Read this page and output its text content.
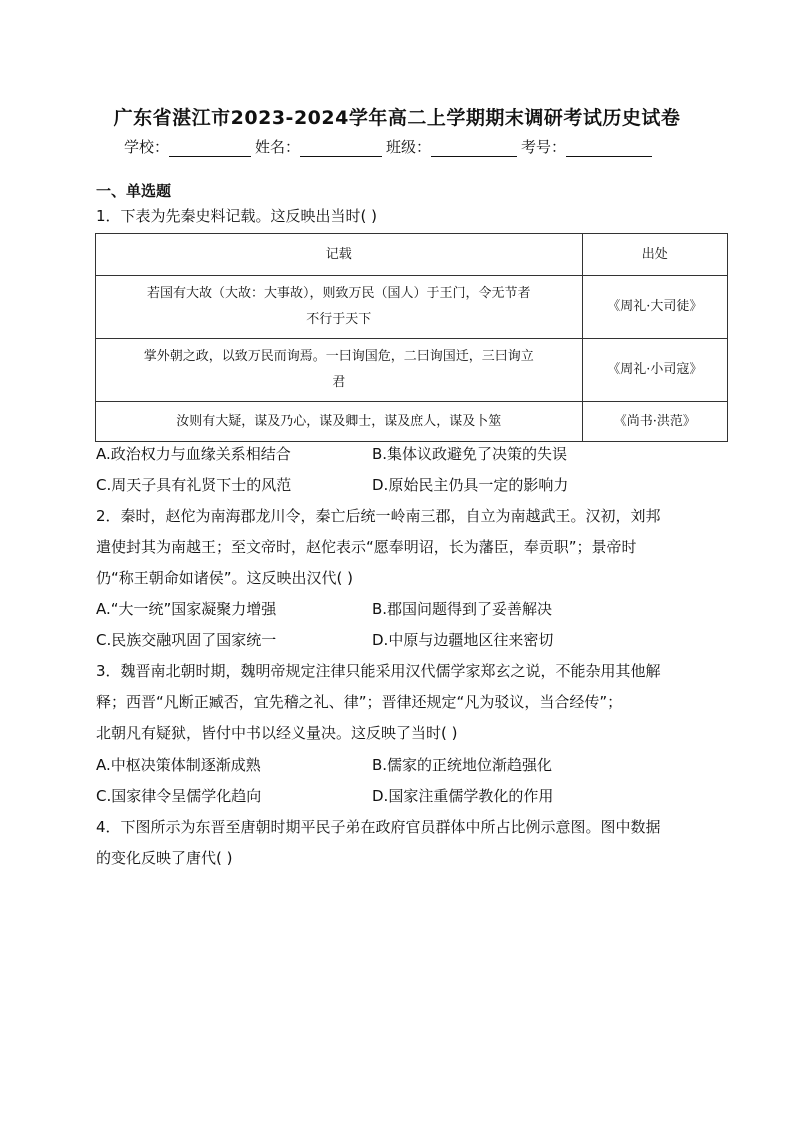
广东省湛江市2023-2024学年高二上学期期末调研考试历史试卷
学校：	姓名：	班级：	考号：
一、单选题
1．下表为先秦史料记载。这反映出当时( )
记载	出处

若国有大故（大故：大事故），则致万民（国人）于王门，令无节者
不行于天下	《周礼·大司徒》

掌外朝之政，以致万民而询焉。一曰询国危，二曰询国迁，三曰询立
君	《周礼·小司寇》

汝则有大疑，谋及乃心，谋及卿士，谋及庶人，谋及卜筮	《尚书·洪范》
A.政治权力与血缘关系相结合	B.集体议政避免了决策的失误
C.周天子具有礼贤下士的风范	D.原始民主仍具一定的影响力
2．秦时，赵佗为南海郡龙川令，秦亡后统一岭南三郡，自立为南越武王。汉初，刘邦
遣使封其为南越王；至文帝时，赵佗表示“愿奉明诏，长为藩臣，奉贡职”；景帝时
仍“称王朝命如诸侯”。这反映出汉代( )
A.“大一统”国家凝聚力增强	B.郡国问题得到了妥善解决
C.民族交融巩固了国家统一	D.中原与边疆地区往来密切
3．魏晋南北朝时期，魏明帝规定注律只能采用汉代儒学家郑玄之说，不能杂用其他解
释；西晋“凡断正臧否，宜先稽之礼、律”；晋律还规定“凡为驳议，当合经传”；
北朝凡有疑狱，皆付中书以经义量决。这反映了当时( )
A.中枢决策体制逐渐成熟	B.儒家的正统地位渐趋强化
C.国家律令呈儒学化趋向	D.国家注重儒学教化的作用
4．下图所示为东晋至唐朝时期平民子弟在政府官员群体中所占比例示意图。图中数据
的变化反映了唐代( )
